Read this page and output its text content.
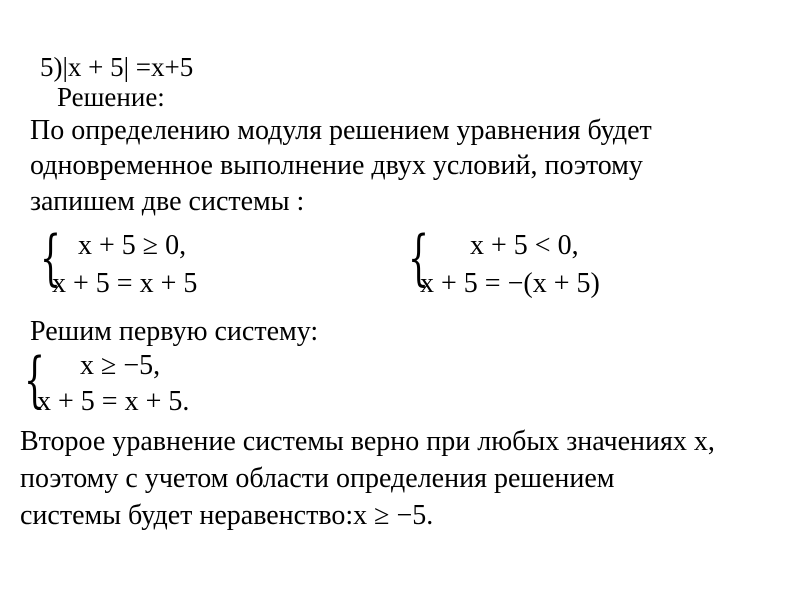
5)|x + 5| =x+5
Решение:
По определению модуля решением уравнения будет
одновременное выполнение двух условий, поэтому
запишем две системы :
{ x + 5 ≥ 0,
x + 5 = x + 5	{ x + 5 < 0,
x + 5 = −(x + 5)
Решим первую систему:
{ x ≥ −5,
x + 5 = x + 5.
Второе уравнение системы верно при любых значениях x,
поэтому с учетом области определения решением
системы будет неравенство:x ≥ −5.
